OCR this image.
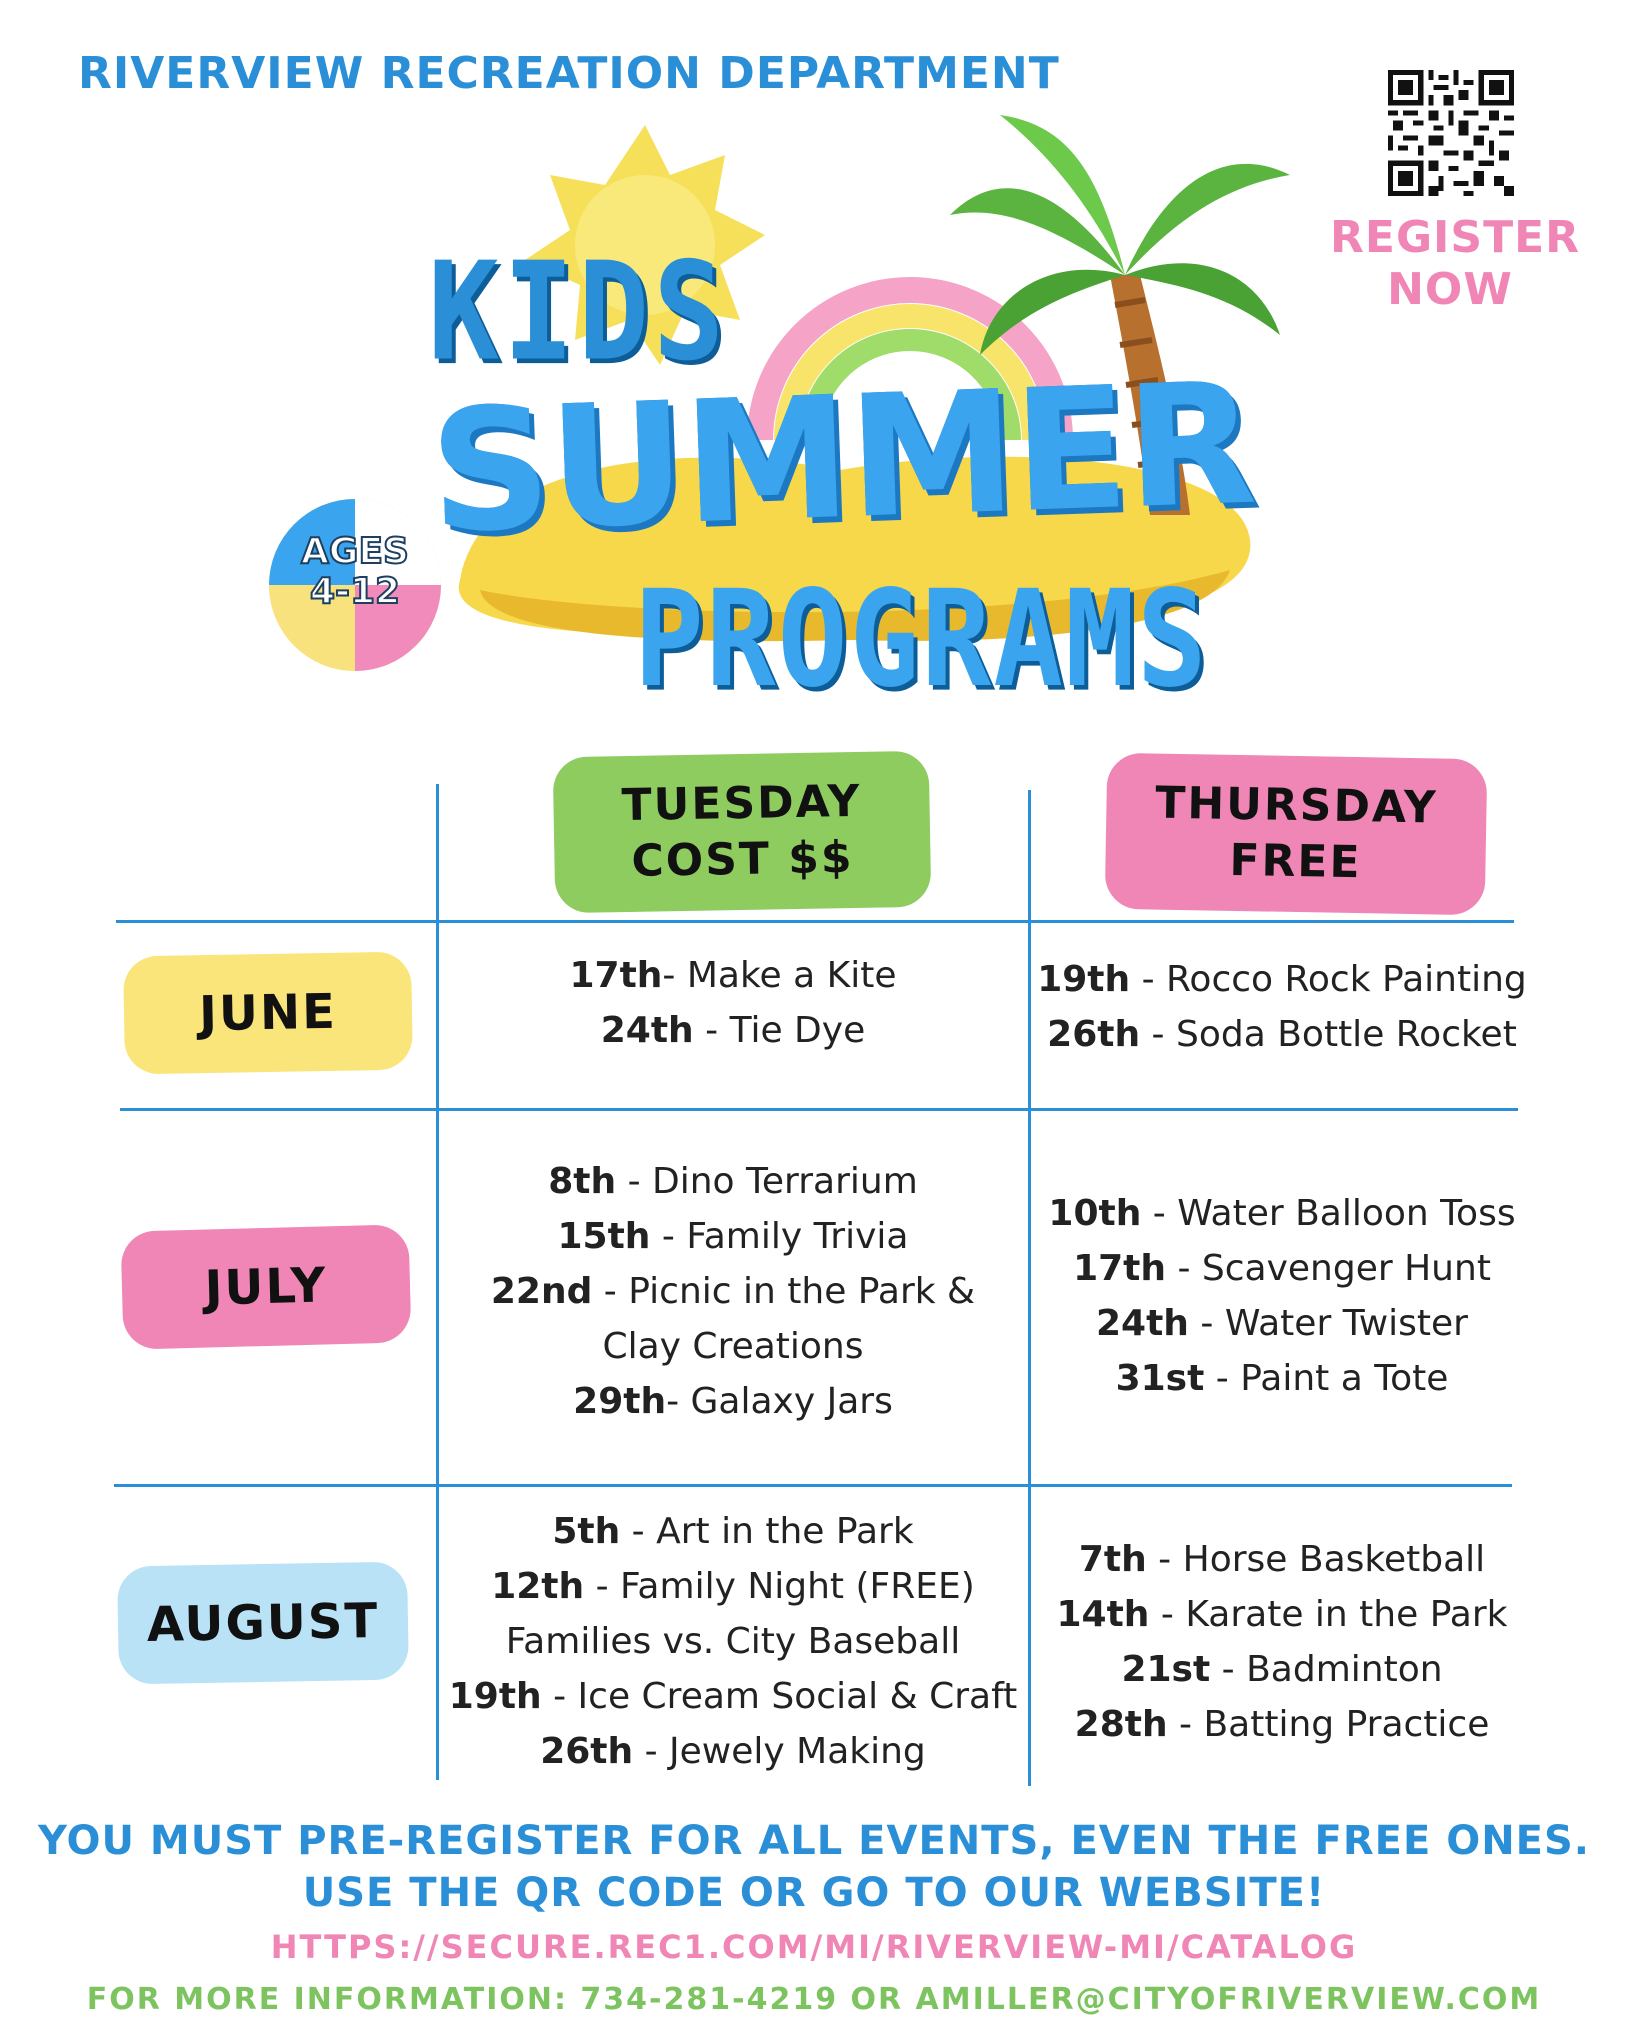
RIVERVIEW RECREATION DEPARTMENT
REGISTER
NOW
KIDS
SUMMER
PROGRAMS
AGES
4-12
TUESDAY
COST $$
THURSDAY
FREE
JUNE
JULY
AUGUST
17th- Make a Kite
24th - Tie Dye
19th - Rocco Rock Painting
26th - Soda Bottle Rocket
8th - Dino Terrarium
15th - Family Trivia
22nd - Picnic in the Park &
Clay Creations
29th- Galaxy Jars
10th - Water Balloon Toss
17th - Scavenger Hunt
24th - Water Twister
31st - Paint a Tote
5th - Art in the Park
12th - Family Night (FREE)
Families vs. City Baseball
19th - Ice Cream Social & Craft
26th - Jewely Making
7th - Horse Basketball
14th - Karate in the Park
21st - Badminton
28th - Batting Practice
YOU MUST PRE-REGISTER FOR ALL EVENTS, EVEN THE FREE ONES.
USE THE QR CODE OR GO TO OUR WEBSITE!
HTTPS://SECURE.REC1.COM/MI/RIVERVIEW-MI/CATALOG
FOR MORE INFORMATION: 734-281-4219 OR AMILLER@CITYOFRIVERVIEW.COM
